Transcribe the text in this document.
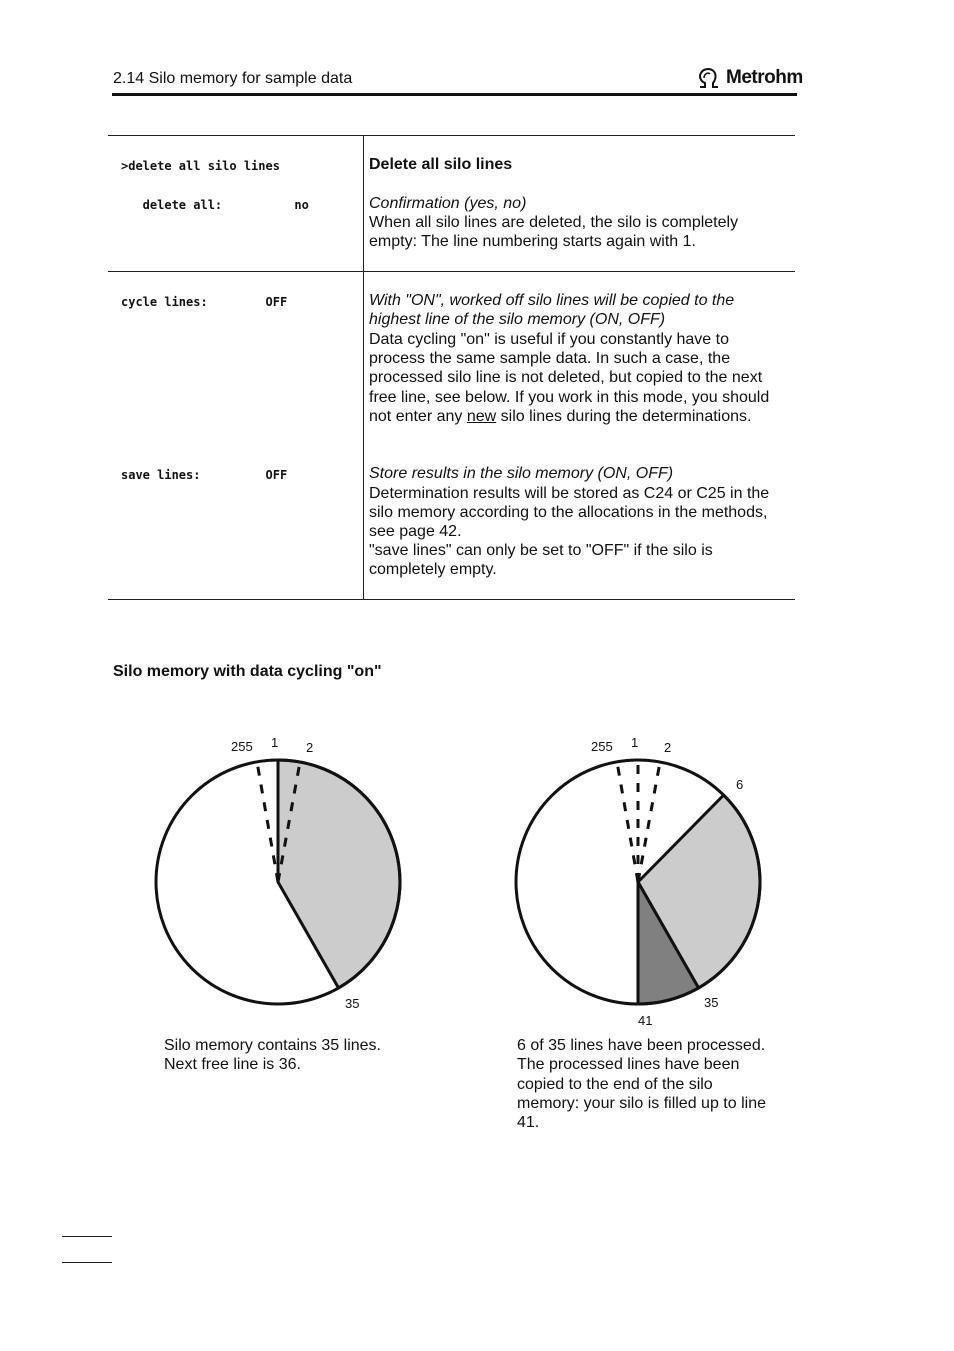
2.14 Silo memory for sample data	Metrohm
>delete all silo lines
delete all:          no
Delete all silo lines
Confirmation (yes, no)
When all silo lines are deleted, the silo is completely empty: The line numbering starts again with 1.
cycle lines:        OFF	With "ON", worked off silo lines will be copied to the highest line of the silo memory (ON, OFF)
Data cycling "on" is useful if you constantly have to process the same sample data. In such a case, the processed silo line is not deleted, but copied to the next free line, see below. If you work in this mode, you should not enter any new silo lines during the determinations.
save lines:         OFF	Store results in the silo memory (ON, OFF)
Determination results will be stored as C24 or C25 in the silo memory according to the allocations in the methods, see page 42.
"save lines" can only be set to "OFF" if the silo is completely empty.
Silo memory with data cycling "on"
255 1 2
35
255 1 2
6
35
41
Silo memory contains 35 lines.
Next free line is 36.
6 of 35 lines have been processed.
The processed lines have been
copied to the end of the silo
memory: your silo is filled up to line
41.
